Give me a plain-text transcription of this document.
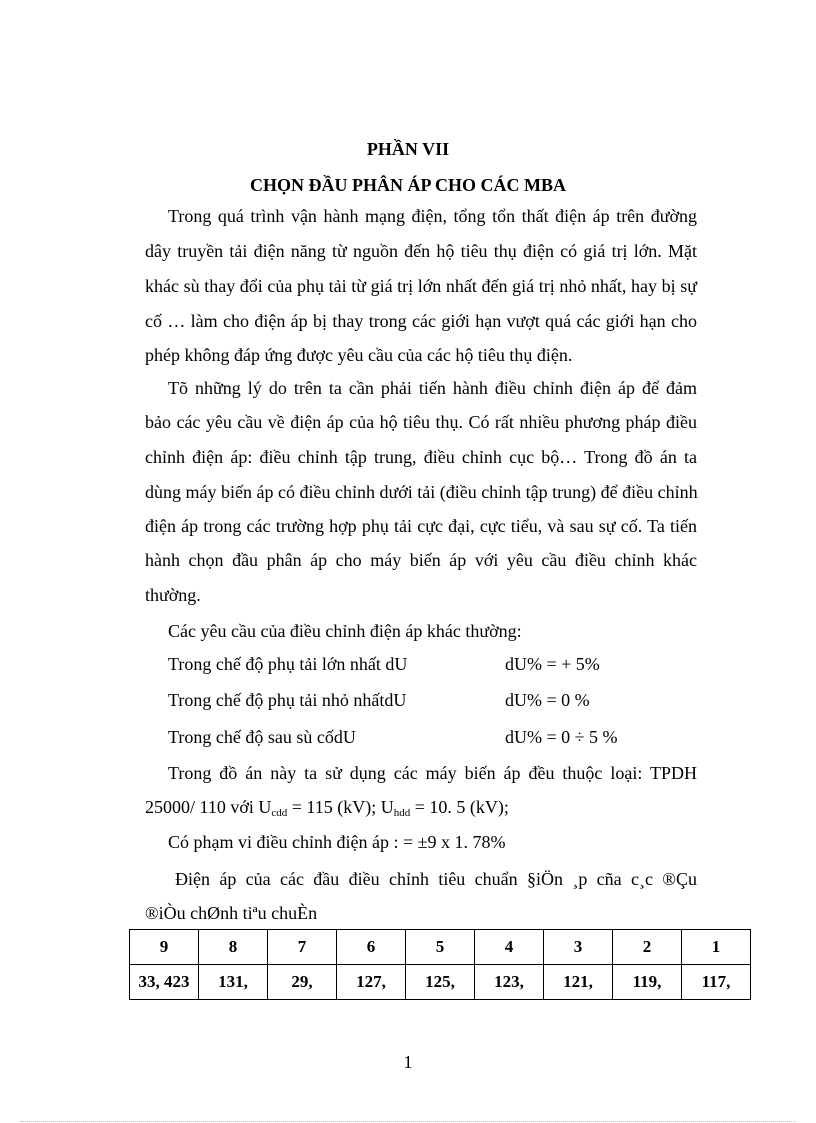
PHẦN VII
CHỌN ĐẦU PHÂN ÁP CHO CÁC MBA
Trong quá trình vận hành mạng điện, tổng tổn thất điện áp trên đường
dây truyền tải điện năng từ nguồn đến hộ tiêu thụ điện có giá trị lớn. Mặt
khác sù thay đổi của phụ tải từ giá trị lớn nhất đến giá trị nhỏ nhất, hay bị sự
cố … làm cho điện áp bị thay trong các giới hạn vượt quá các giới hạn cho
phép không đáp ứng được yêu cầu của các hộ tiêu thụ điện.
Tõ những lý do trên ta cần phải tiến hành điều chỉnh điện áp để đảm
bảo các yêu cầu về điện áp của hộ tiêu thụ. Có rất nhiều phương pháp điều
chỉnh điện áp: điều chỉnh tập trung, điều chỉnh cục bộ… Trong đồ án ta
dùng máy biến áp có điều chỉnh dưới tải (điều chỉnh tập trung) để điều chỉnh
điện áp trong các trường hợp phụ tải cực đại, cực tiểu, và sau sự cố. Ta tiến
hành chọn đầu phân áp cho máy biến áp với yêu cầu điều chỉnh khác
thường.
Các yêu cầu của điều chỉnh điện áp khác thường:
Trong chế độ phụ tải lớn nhất dU	dU% = + 5%
Trong chế độ phụ tải nhỏ nhấtdU	dU% = 0 %
Trong chế độ sau sù cốdU	dU% = 0 ÷ 5 %
Trong đồ án này ta sử dụng các máy biến áp đều thuộc loại: TPDH
25000/ 110 với $U_{cdd} = 115$ (kV); $U_{hdd} = 10$. 5 (kV);
Có phạm vi điều chỉnh điện áp : = ±9 x 1. 78%
Điện áp của các đầu điều chỉnh tiêu chuẩn §iÖn ¸p cña c¸c ®Çu
®iÒu chØnh tiªu chuÈn
9	8	7	6	5	4	3	2	1
33, 423	131,	29,	127,	125,	123,	121,	119,	117,
1
